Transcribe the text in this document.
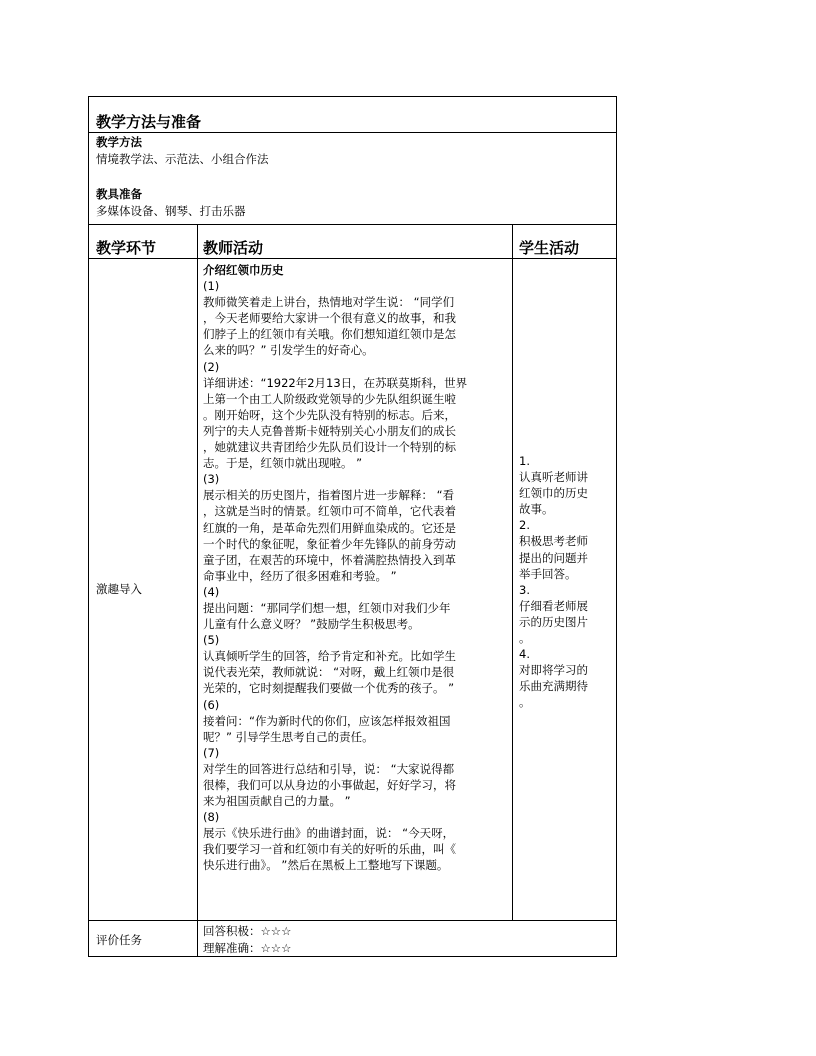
教学方法与准备
教学方法
情境教学法、示范法、小组合作法
教具准备
多媒体设备、钢琴、打击乐器
教学环节	教师活动	学生活动
激趣导入
介绍红领巾历史
(1)
教师微笑着走上讲台，热情地对学生说： “同学们
，今天老师要给大家讲一个很有意义的故事，和我
们脖子上的红领巾有关哦。你们想知道红领巾是怎
么来的吗？” 引发学生的好奇心。
(2)
详细讲述：“1922年2月13日，在苏联莫斯科，世界
上第一个由工人阶级政党领导的少先队组织诞生啦
。刚开始呀，这个少先队没有特别的标志。后来，
列宁的夫人克鲁普斯卡娅特别关心小朋友们的成长
，她就建议共青团给少先队员们设计一个特别的标
志。于是，红领巾就出现啦。 ”
(3)
展示相关的历史图片，指着图片进一步解释： “看
，这就是当时的情景。红领巾可不简单，它代表着
红旗的一角，是革命先烈们用鲜血染成的。它还是
一个时代的象征呢，象征着少年先锋队的前身劳动
童子团，在艰苦的环境中，怀着满腔热情投入到革
命事业中，经历了很多困难和考验。 ”
(4)
提出问题：“那同学们想一想，红领巾对我们少年
儿童有什么意义呀？ ”鼓励学生积极思考。
(5)
认真倾听学生的回答，给予肯定和补充。比如学生
说代表光荣，教师就说： “对呀，戴上红领巾是很
光荣的，它时刻提醒我们要做一个优秀的孩子。 ”
(6)
接着问：“作为新时代的你们，应该怎样报效祖国
呢？” 引导学生思考自己的责任。
(7)
对学生的回答进行总结和引导，说： “大家说得都
很棒，我们可以从身边的小事做起，好好学习，将
来为祖国贡献自己的力量。 ”
(8)
展示《快乐进行曲》的曲谱封面，说： “今天呀，
我们要学习一首和红领巾有关的好听的乐曲，叫《
快乐进行曲》。 ”然后在黑板上工整地写下课题。
1.
认真听老师讲
红领巾的历史
故事。
2.
积极思考老师
提出的问题并
举手回答。
3.
仔细看老师展
示的历史图片
。
4.
对即将学习的
乐曲充满期待
。
评价任务
回答积极：☆☆☆
理解准确：☆☆☆
